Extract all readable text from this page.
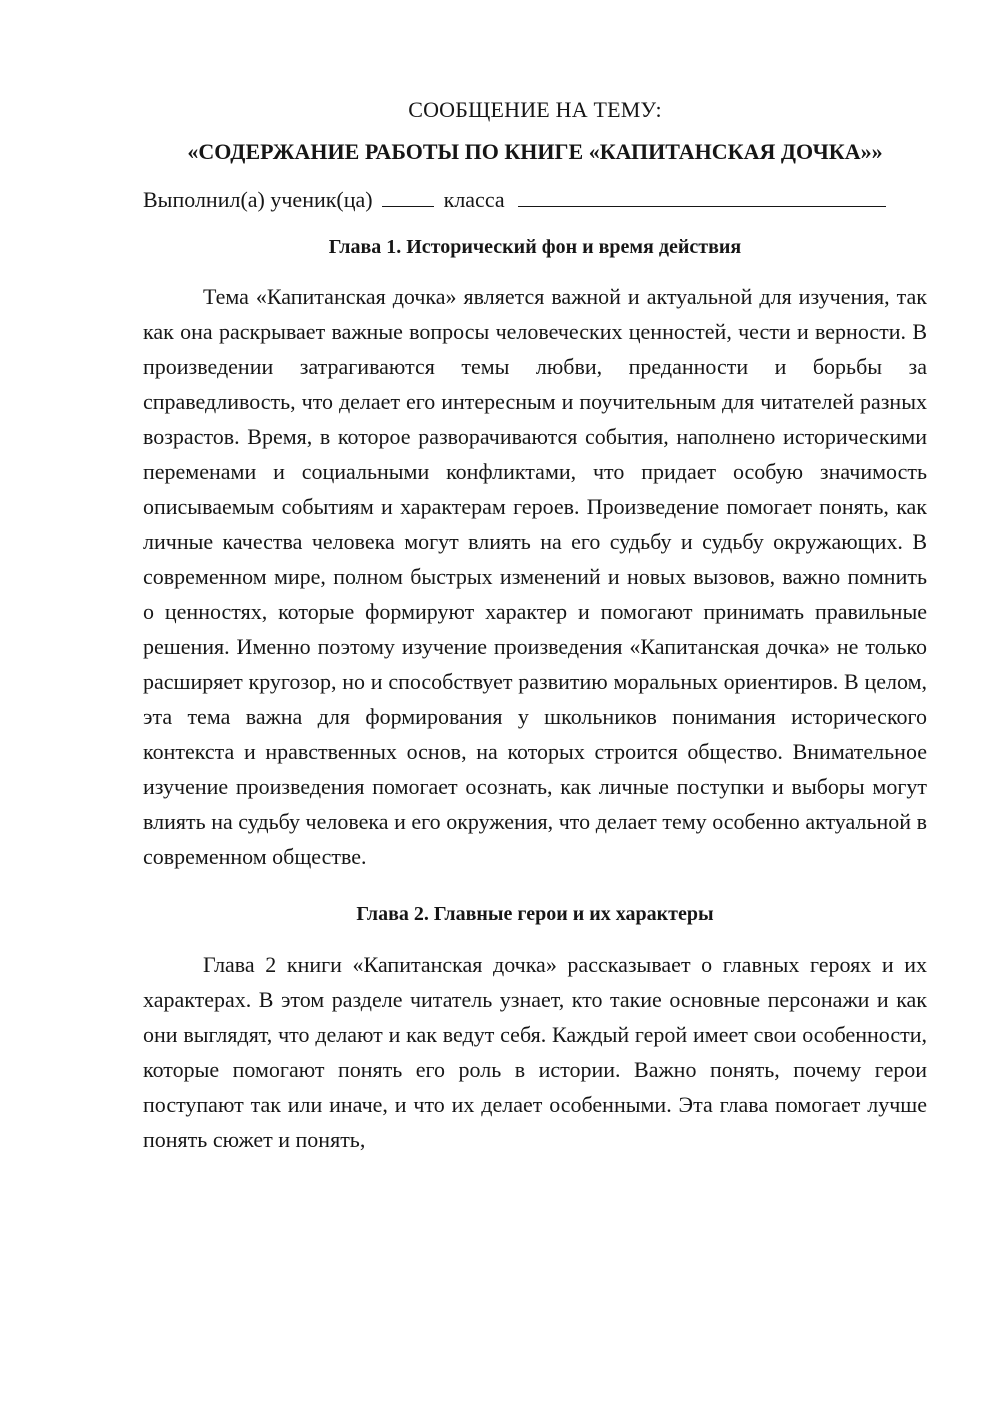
СООБЩЕНИЕ НА ТЕМУ:
«СОДЕРЖАНИЕ РАБОТЫ ПО КНИГЕ «КАПИТАНСКАЯ ДОЧКА»»
Выполнил(а) ученик(ца)	класса
Глава 1. Исторический фон и время действия

Тема «Капитанская дочка» является важной и актуальной для изучения, так как она раскрывает важные вопросы человеческих ценностей, чести и верности. В произведении затрагиваются темы любви, преданности и борьбы за справедливость, что делает его интересным и поучительным для читателей разных возрастов. Время, в которое разворачиваются события, наполнено историческими переменами и социальными конфликтами, что придает особую значимость описываемым событиям и характерам героев. Произведение помогает понять, как личные качества человека могут влиять на его судьбу и судьбу окружающих. В современном мире, полном быстрых изменений и новых вызовов, важно помнить о ценностях, которые формируют характер и помогают принимать правильные решения. Именно поэтому изучение произведения «Капитанская дочка» не только расширяет кругозор, но и способствует развитию моральных ориентиров. В целом, эта тема важна для формирования у школьников понимания исторического контекста и нравственных основ, на которых строится общество. Внимательное изучение произведения помогает осознать, как личные поступки и выборы могут влиять на судьбу человека и его окружения, что делает тему особенно актуальной в современном обществе.

Глава 2. Главные герои и их характеры

Глава 2 книги «Капитанская дочка» рассказывает о главных героях и их характерах. В этом разделе читатель узнает, кто такие основные персонажи и как они выглядят, что делают и как ведут себя. Каждый герой имеет свои особенности, которые помогают понять его роль в истории. Важно понять, почему герои поступают так или иначе, и что их делает особенными. Эта глава помогает лучше понять сюжет и понять,
